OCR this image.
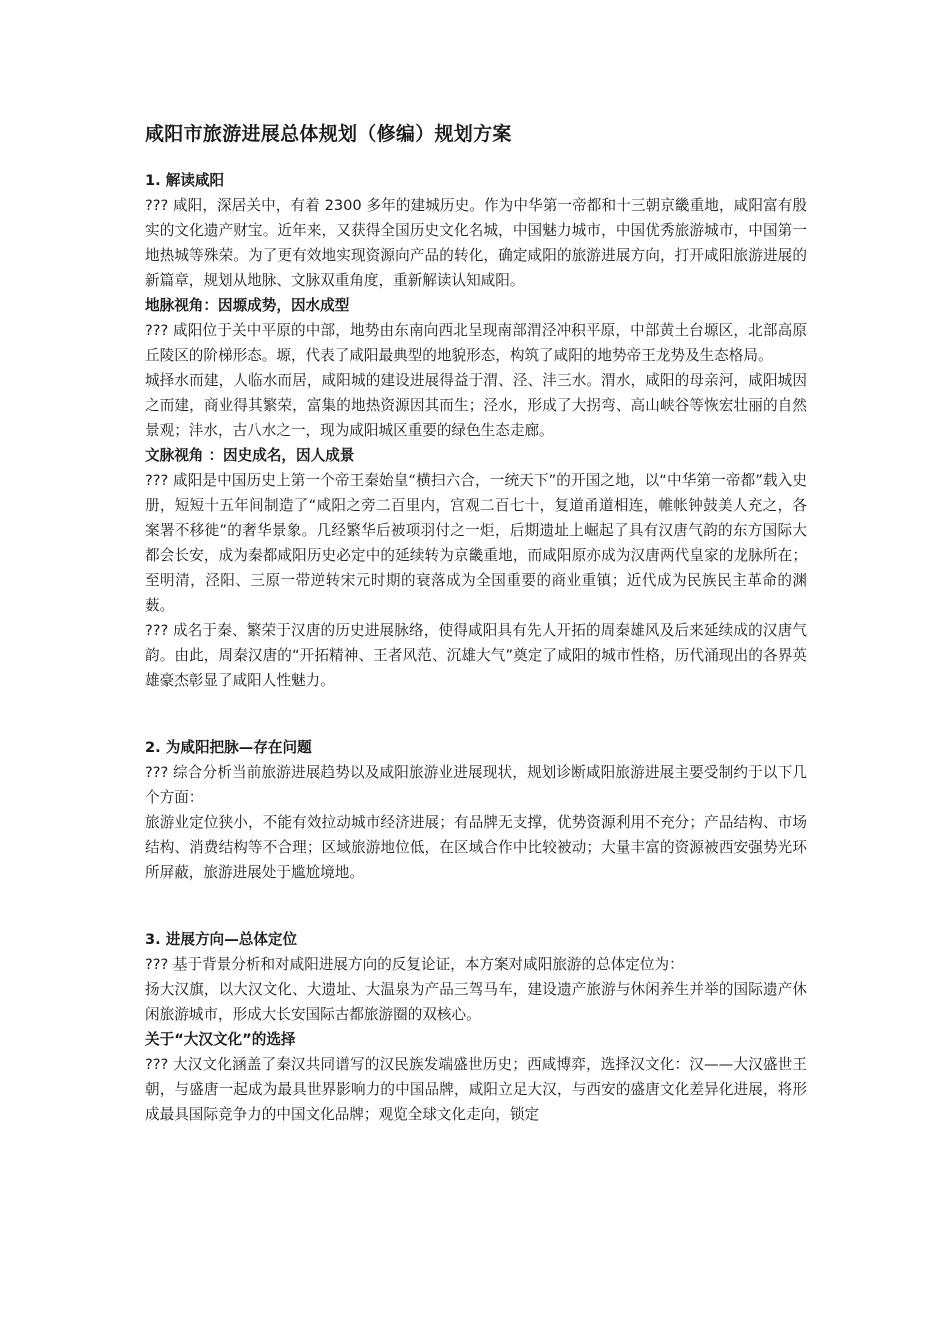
咸阳市旅游进展总体规划（修编）规划方案

1. 解读咸阳

??? 咸阳，深居关中，有着 2300 多年的建城历史。作为中华第一帝都和十三朝京畿重地，咸阳富有殷实的文化遗产财宝。近年来，又获得全国历史文化名城，中国魅力城市，中国优秀旅游城市，中国第一地热城等殊荣。为了更有效地实现资源向产品的转化，确定咸阳的旅游进展方向，打开咸阳旅游进展的新篇章，规划从地脉、文脉双重角度，重新解读认知咸阳。

地脉视角：因塬成势，因水成型

??? 咸阳位于关中平原的中部，地势由东南向西北呈现南部渭泾冲积平原，中部黄土台塬区，北部高原丘陵区的阶梯形态。塬，代表了咸阳最典型的地貌形态，构筑了咸阳的地势帝王龙势及生态格局。

城择水而建，人临水而居，咸阳城的建设进展得益于渭、泾、沣三水。渭水，咸阳的母亲河，咸阳城因之而建，商业得其繁荣，富集的地热资源因其而生；泾水，形成了大拐弯、高山峡谷等恢宏壮丽的自然景观；沣水，古八水之一，现为咸阳城区重要的绿色生态走廊。

文脉视角 ：因史成名，因人成景

??? 咸阳是中国历史上第一个帝王秦始皇“横扫六合，一统天下”的开国之地，以“中华第一帝都”载入史册，短短十五年间制造了“咸阳之旁二百里内，宫观二百七十，复道甬道相连，帷帐钟鼓美人充之，各案署不移徙”的奢华景象。几经繁华后被项羽付之一炬，后期遗址上崛起了具有汉唐气韵的东方国际大都会长安，成为秦都咸阳历史必定中的延续转为京畿重地，而咸阳原亦成为汉唐两代皇家的龙脉所在；至明清，泾阳、三原一带逆转宋元时期的衰落成为全国重要的商业重镇；近代成为民族民主革命的渊薮。

??? 成名于秦、繁荣于汉唐的历史进展脉络，使得咸阳具有先人开拓的周秦雄风及后来延续成的汉唐气韵。由此，周秦汉唐的“开拓精神、王者风范、沉雄大气”奠定了咸阳的城市性格，历代涌现出的各界英雄豪杰彰显了咸阳人性魅力。

2. 为咸阳把脉—存在问题

??? 综合分析当前旅游进展趋势以及咸阳旅游业进展现状，规划诊断咸阳旅游进展主要受制约于以下几个方面：

旅游业定位狭小，不能有效拉动城市经济进展；有品牌无支撑，优势资源利用不充分；产品结构、市场结构、消费结构等不合理；区域旅游地位低，在区域合作中比较被动；大量丰富的资源被西安强势光环所屏蔽，旅游进展处于尴尬境地。

3. 进展方向—总体定位

??? 基于背景分析和对咸阳进展方向的反复论证，本方案对咸阳旅游的总体定位为：

扬大汉旗，以大汉文化、大遗址、大温泉为产品三驾马车，建设遗产旅游与休闲养生并举的国际遗产休闲旅游城市，形成大长安国际古都旅游圈的双核心。

关于“大汉文化”的选择

??? 大汉文化涵盖了秦汉共同谱写的汉民族发端盛世历史；西咸博弈，选择汉文化：汉——大汉盛世王朝，与盛唐一起成为最具世界影响力的中国品牌，咸阳立足大汉，与西安的盛唐文化差异化进展，将形成最具国际竞争力的中国文化品牌；观览全球文化走向，锁定
